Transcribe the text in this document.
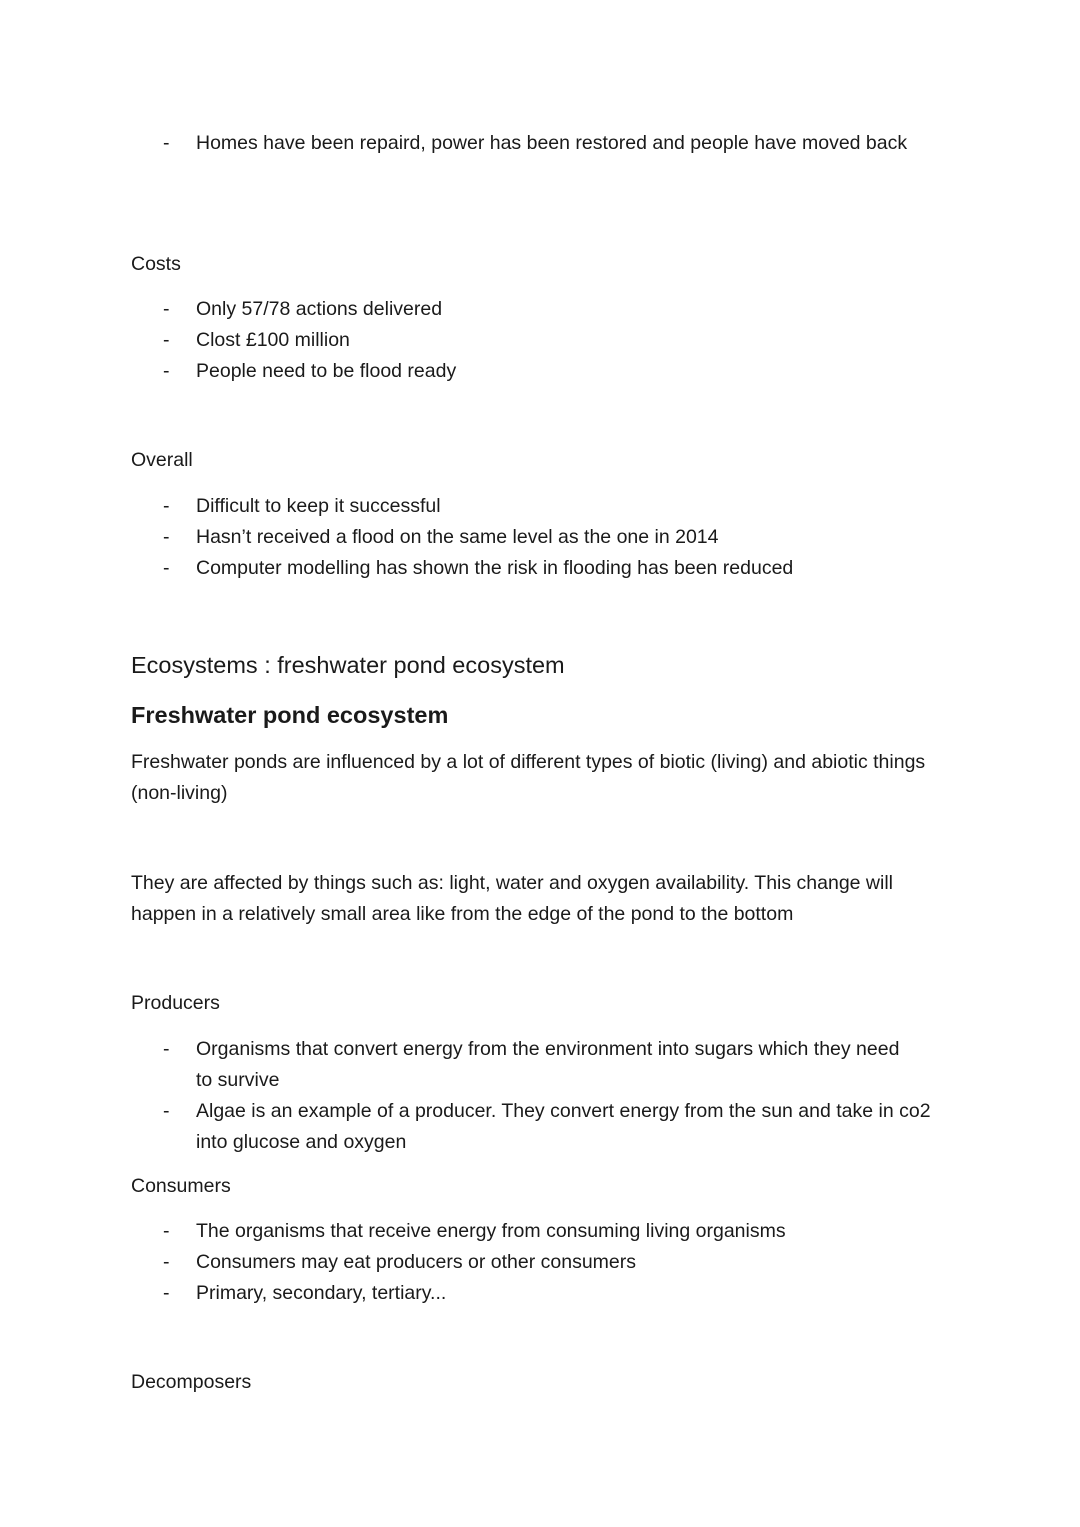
- Homes have been repaird, power has been restored and people have moved back
Costs
- Only 57/78 actions delivered
- Clost £100 million
- People need to be flood ready
Overall
- Difficult to keep it successful
- Hasn’t received a flood on the same level as the one in 2014
- Computer modelling has shown the risk in flooding has been reduced
Ecosystems : freshwater pond ecosystem
Freshwater pond ecosystem

Freshwater ponds are influenced by a lot of different types of biotic (living) and abiotic things (non-living)

They are affected by things such as: light, water and oxygen availability. This change will happen in a relatively small area like from the edge of the pond to the bottom

Producers
- Organisms that convert energy from the environment into sugars which they need to survive
- Algae is an example of a producer. They convert energy from the sun and take in co2 into glucose and oxygen
Consumers
- The organisms that receive energy from consuming living organisms
- Consumers may eat producers or other consumers
- Primary, secondary, tertiary...
Decomposers
